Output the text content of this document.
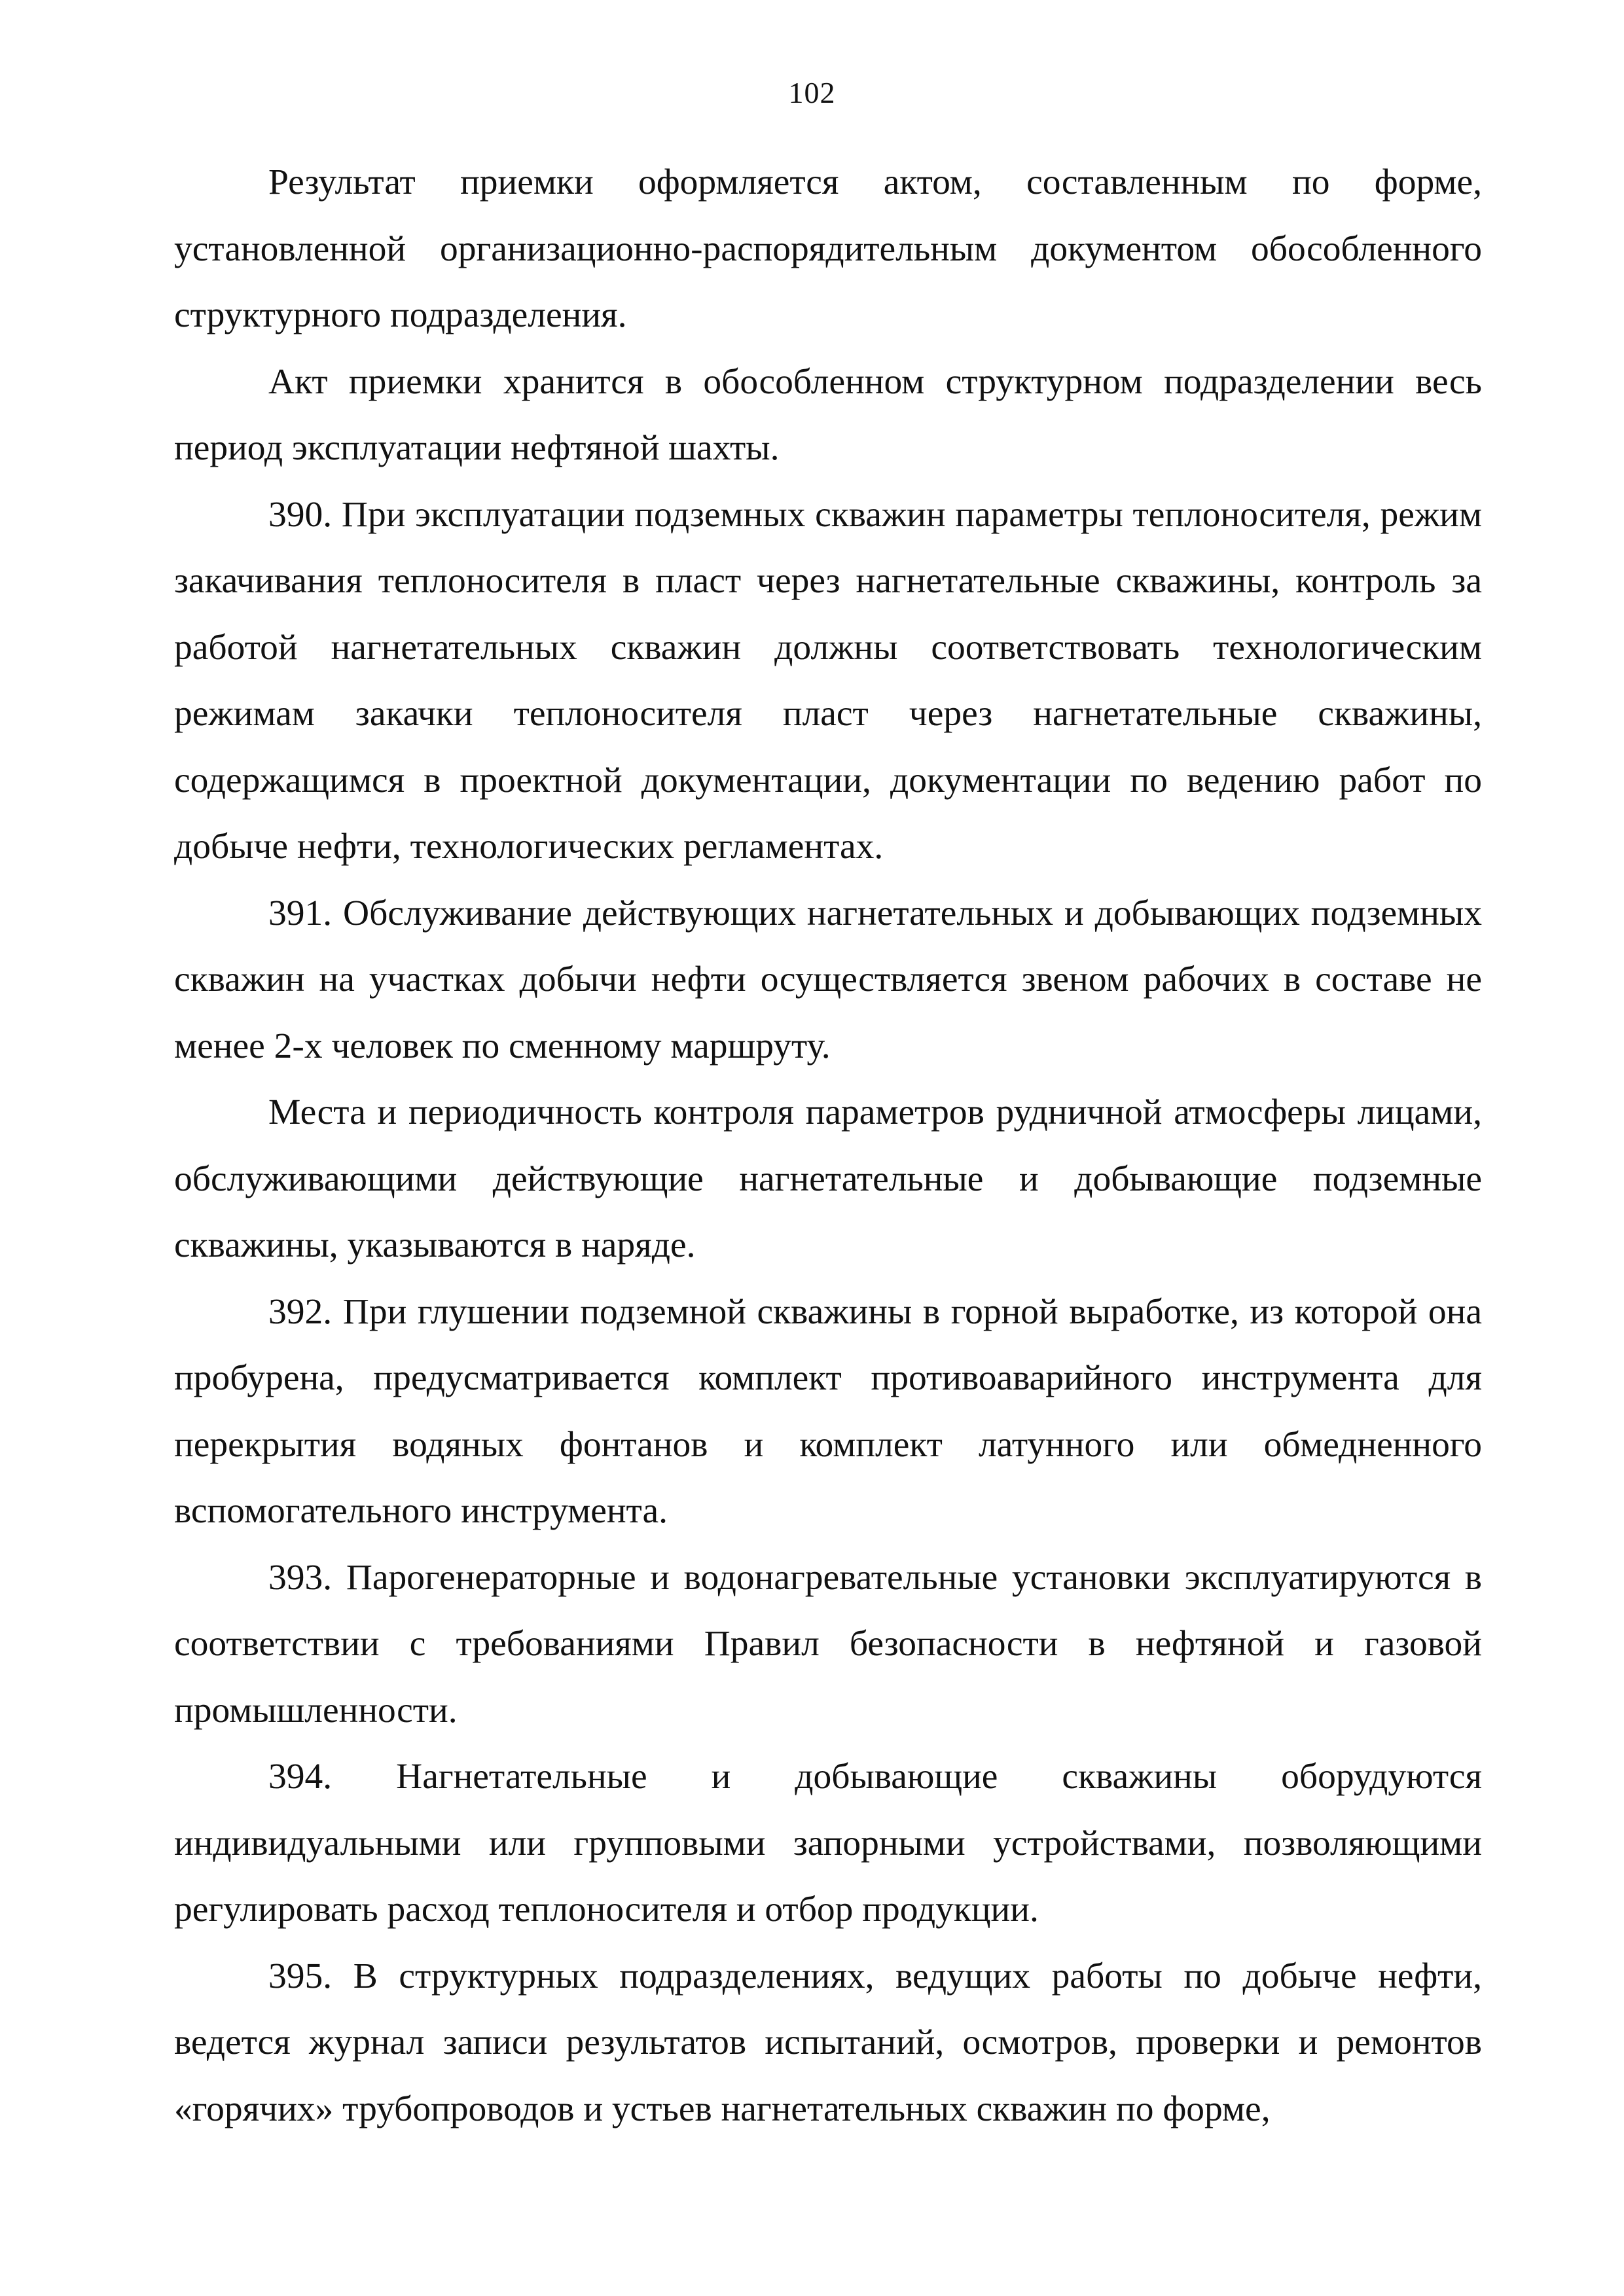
102

Результат приемки оформляется актом, составленным по форме, установленной организационно-распорядительным документом обособленного структурного подразделения.

Акт приемки хранится в обособленном структурном подразделении весь период эксплуатации нефтяной шахты.

390. При эксплуатации подземных скважин параметры теплоносителя, режим закачивания теплоносителя в пласт через нагнетательные скважины, контроль за работой нагнетательных скважин должны соответствовать технологическим режимам закачки теплоносителя пласт через нагнетательные скважины, содержащимся в проектной документации, документации по ведению работ по добыче нефти, технологических регламентах.

391. Обслуживание действующих нагнетательных и добывающих подземных скважин на участках добычи нефти осуществляется звеном рабочих в составе не менее 2-х человек по сменному маршруту.

Места и периодичность контроля параметров рудничной атмосферы лицами, обслуживающими действующие нагнетательные и добывающие подземные скважины, указываются в наряде.

392. При глушении подземной скважины в горной выработке, из которой она пробурена, предусматривается комплект противоаварийного инструмента для перекрытия водяных фонтанов и комплект латунного или обмедненного вспомогательного инструмента.

393. Парогенераторные и водонагревательные установки эксплуатируются в соответствии с требованиями Правил безопасности в нефтяной и газовой промышленности.

394. Нагнетательные и добывающие скважины оборудуются индивидуальными или групповыми запорными устройствами, позволяющими регулировать расход теплоносителя и отбор продукции.

395. В структурных подразделениях, ведущих работы по добыче нефти, ведется журнал записи результатов испытаний, осмотров, проверки и ремонтов «горячих» трубопроводов и устьев нагнетательных скважин по форме,
